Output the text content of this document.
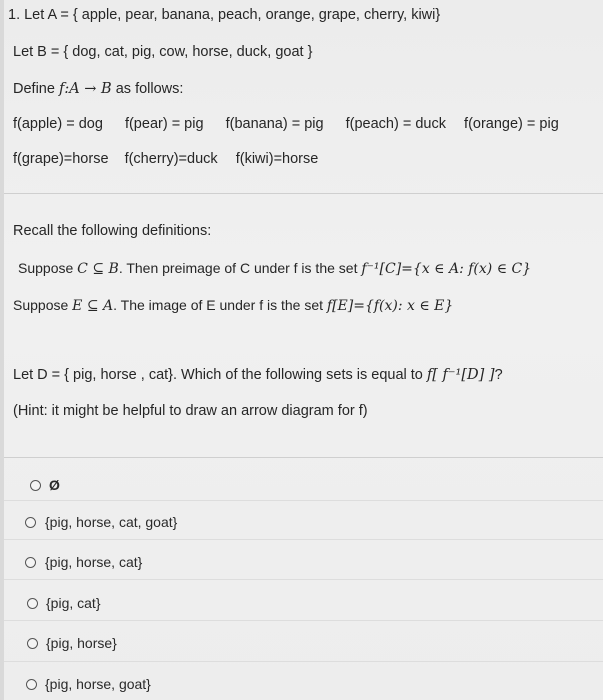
1. Let A = { apple, pear, banana, peach, orange, grape, cherry, kiwi}
Let B = { dog, cat, pig, cow, horse, duck, goat }
Define f:A → B as follows:
f(apple) = dog f(pear) = pig f(banana) = pig f(peach) = duck f(orange) = pig
f(grape)=horse f(cherry)=duck f(kiwi)=horse
Recall the following definitions:
Suppose C ⊆ B. Then preimage of C under f is the set f⁻¹[C]={x ∈ A: f(x) ∈ C}
Suppose E ⊆ A. The image of E under f is the set f[E]={f(x): x ∈ E}
Let D = { pig, horse , cat}. Which of the following sets is equal to f[ f⁻¹[D] ]?
(Hint: it might be helpful to draw an arrow diagram for f)
Ø
{pig, horse, cat, goat}
{pig, horse, cat}
{pig, cat}
{pig, horse}
{pig, horse, goat}
